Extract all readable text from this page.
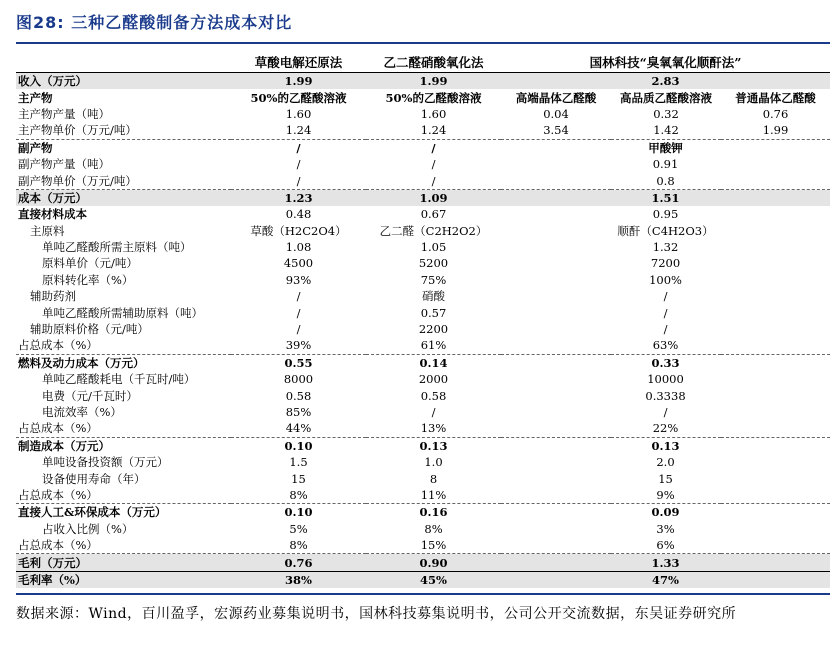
图28: 三种乙醛酸制备方法成本对比
	草酸电解还原法	乙二醛硝酸氧化法	国林科技“臭氧氧化顺酐法”		
收入（万元）	1.99	1.99	2.83		
主产物	50%的乙醛酸溶液	50%的乙醛酸溶液	高端晶体乙醛酸	高品质乙醛酸溶液	普通晶体乙醛酸
主产物产量（吨）	1.60	1.60	0.04	0.32	0.76
主产物单价（万元/吨）	1.24	1.24	3.54	1.42	1.99
副产物	/	/	甲酸钾		
副产物产量（吨）	/	/	0.91		
副产物单价（万元/吨）	/	/	0.8		
成本（万元）	1.23	1.09	1.51		
直接材料成本	0.48	0.67	0.95		
主原料	草酸（H2C2O4）	乙二醛（C2H2O2）	顺酐（C4H2O3）		
单吨乙醛酸所需主原料（吨）	1.08	1.05	1.32		
原料单价（元/吨）	4500	5200	7200		
原料转化率（%）	93%	75%	100%		
辅助药剂	/	硝酸	/		
单吨乙醛酸所需辅助原料（吨）	/	0.57	/		
辅助原料价格（元/吨）	/	2200	/		
占总成本（%）	39%	61%	63%		
燃料及动力成本（万元）	0.55	0.14	0.33		
单吨乙醛酸耗电（千瓦时/吨）	8000	2000	10000		
电费（元/千瓦时）	0.58	0.58	0.3338		
电流效率（%）	85%	/	/		
占总成本（%）	44%	13%	22%		
制造成本（万元）	0.10	0.13	0.13		
单吨设备投资额（万元）	1.5	1.0	2.0		
设备使用寿命（年）	15	8	15		
占总成本（%）	8%	11%	9%		
直接人工&环保成本（万元）	0.10	0.16	0.09		
占收入比例（%）	5%	8%	3%		
占总成本（%）	8%	15%	6%		
毛利（万元）	0.76	0.90	1.33		
毛利率（%）	38%	45%	47%		
数据来源：Wind，百川盈孚，宏源药业募集说明书，国林科技募集说明书，公司公开交流数据，东吴证券研究所
